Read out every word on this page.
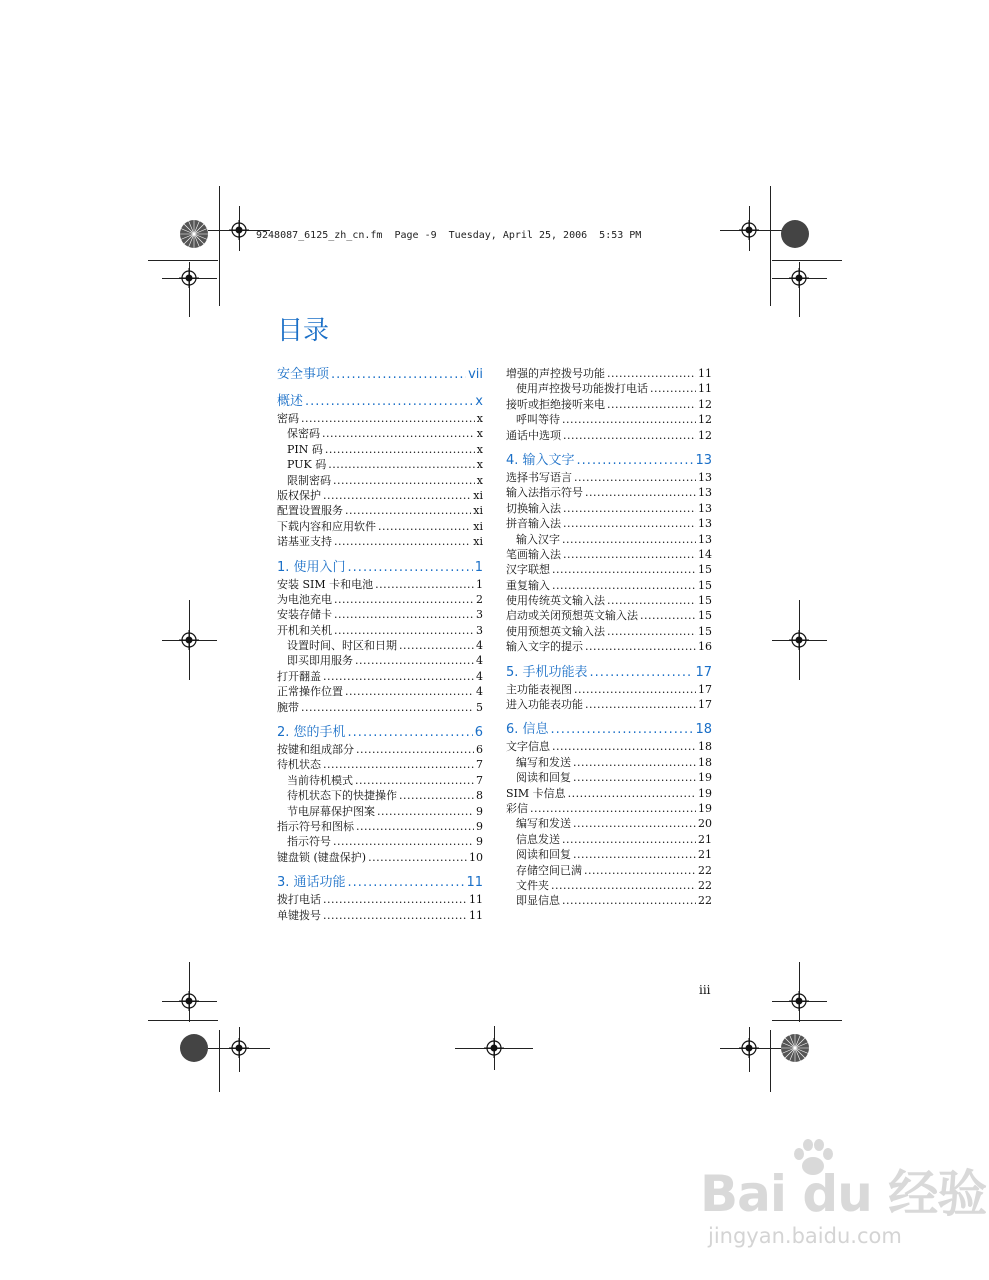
9248087_6125_zh_cn.fm  Page -9  Tuesday, April 25, 2006  5:53 PM
目录
安全事项 .....	vii
概述 .....	x
密码 .....	x
保密码 .....	x
PIN 码 .....	x
PUK 码 .....	x
限制密码 .....	x
版权保护 .....	xi
配置设置服务 .....	xi
下载内容和应用软件 .....	xi
诺基亚支持 .....	xi
1. 使用入门 .....	1
安装 SIM 卡和电池 .....	1
为电池充电 .....	2
安装存储卡 .....	3
开机和关机 .....	3
设置时间、时区和日期 .....	4
即买即用服务 .....	4
打开翻盖 .....	4
正常操作位置 .....	4
腕带 .....	5
2. 您的手机 .....	6
按键和组成部分 .....	6
待机状态 .....	7
当前待机模式 .....	7
待机状态下的快捷操作 .....	8
节电屏幕保护图案 .....	9
指示符号和图标 .....	9
指示符号 .....	9
键盘锁 (键盘保护) .....	10
3. 通话功能 .....	11
拨打电话 .....	11
单键拨号 .....	11
增强的声控拨号功能 .....	11
使用声控拨号功能拨打电话 .....	11
接听或拒绝接听来电 .....	12
呼叫等待 .....	12
通话中选项 .....	12
4. 输入文字 .....	13
选择书写语言 .....	13
输入法指示符号 .....	13
切换输入法 .....	13
拼音输入法 .....	13
输入汉字 .....	13
笔画输入法 .....	14
汉字联想 .....	15
重复输入 .....	15
使用传统英文输入法 .....	15
启动或关闭预想英文输入法 .....	15
使用预想英文输入法 .....	15
输入文字的提示 .....	16
5. 手机功能表 .....	17
主功能表视图 .....	17
进入功能表功能 .....	17
6. 信息 .....	18
文字信息 .....	18
编写和发送 .....	18
阅读和回复 .....	19
SIM 卡信息 .....	19
彩信 .....	19
编写和发送 .....	20
信息发送 .....	21
阅读和回复 .....	21
存储空间已满 .....	22
文件夹 .....	22
即显信息 .....	22
iii
Bai du 经验
jingyan.baidu.com
